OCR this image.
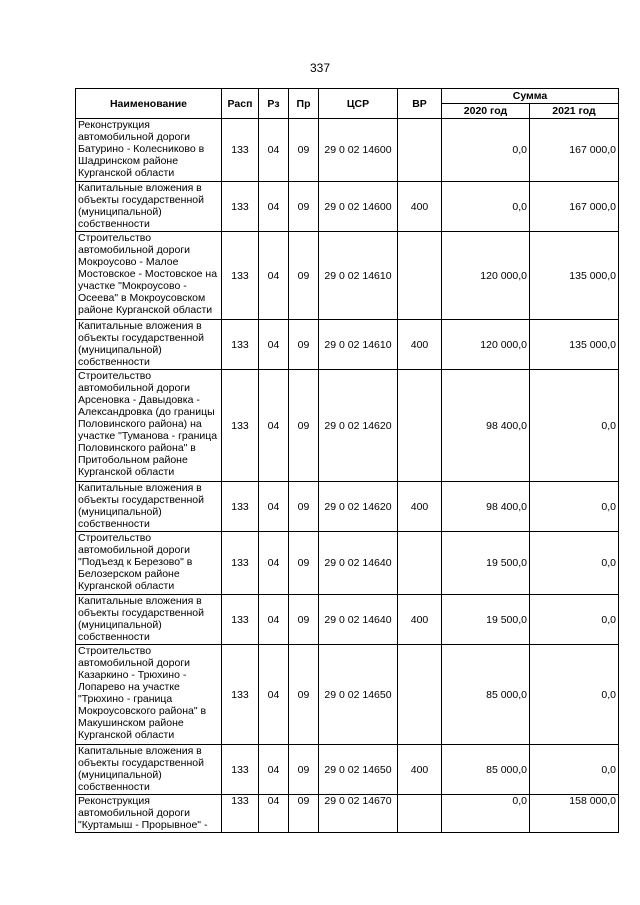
337
Наименование	Расп	Рз	Пр	ЦСР	ВР	Сумма	
						2020 год	2021 год
Реконструкция автомобильной дороги Батурино - Колесниково в Шадринском районе Курганской области	133	04	09	29 0 02 14600		0,0	167 000,0
Капитальные вложения в объекты государственной (муниципальной) собственности	133	04	09	29 0 02 14600	400	0,0	167 000,0
Строительство автомобильной дороги Мокроусово - Малое Мостовское - Мостовское на участке "Мокроусово - Осеева" в Мокроусовском районе Курганской области	133	04	09	29 0 02 14610		120 000,0	135 000,0
Капитальные вложения в объекты государственной (муниципальной) собственности	133	04	09	29 0 02 14610	400	120 000,0	135 000,0
Строительство автомобильной дороги Арсеновка - Давыдовка - Александровка (до границы Половинского района) на участке "Туманова - граница Половинского района" в Притобольном районе Курганской области	133	04	09	29 0 02 14620		98 400,0	0,0
Капитальные вложения в объекты государственной (муниципальной) собственности	133	04	09	29 0 02 14620	400	98 400,0	0,0
Строительство автомобильной дороги "Подъезд к Березово" в Белозерском районе Курганской области	133	04	09	29 0 02 14640		19 500,0	0,0
Капитальные вложения в объекты государственной (муниципальной) собственности	133	04	09	29 0 02 14640	400	19 500,0	0,0
Строительство автомобильной дороги Казаркино - Трюхино - Лопарево на участке "Трюхино - граница Мокроусовского района" в Макушинском районе Курганской области	133	04	09	29 0 02 14650		85 000,0	0,0
Капитальные вложения в объекты государственной (муниципальной) собственности	133	04	09	29 0 02 14650	400	85 000,0	0,0
Реконструкция автомобильной дороги "Куртамыш - Прорывное" -	133	04	09	29 0 02 14670		0,0	158 000,0
